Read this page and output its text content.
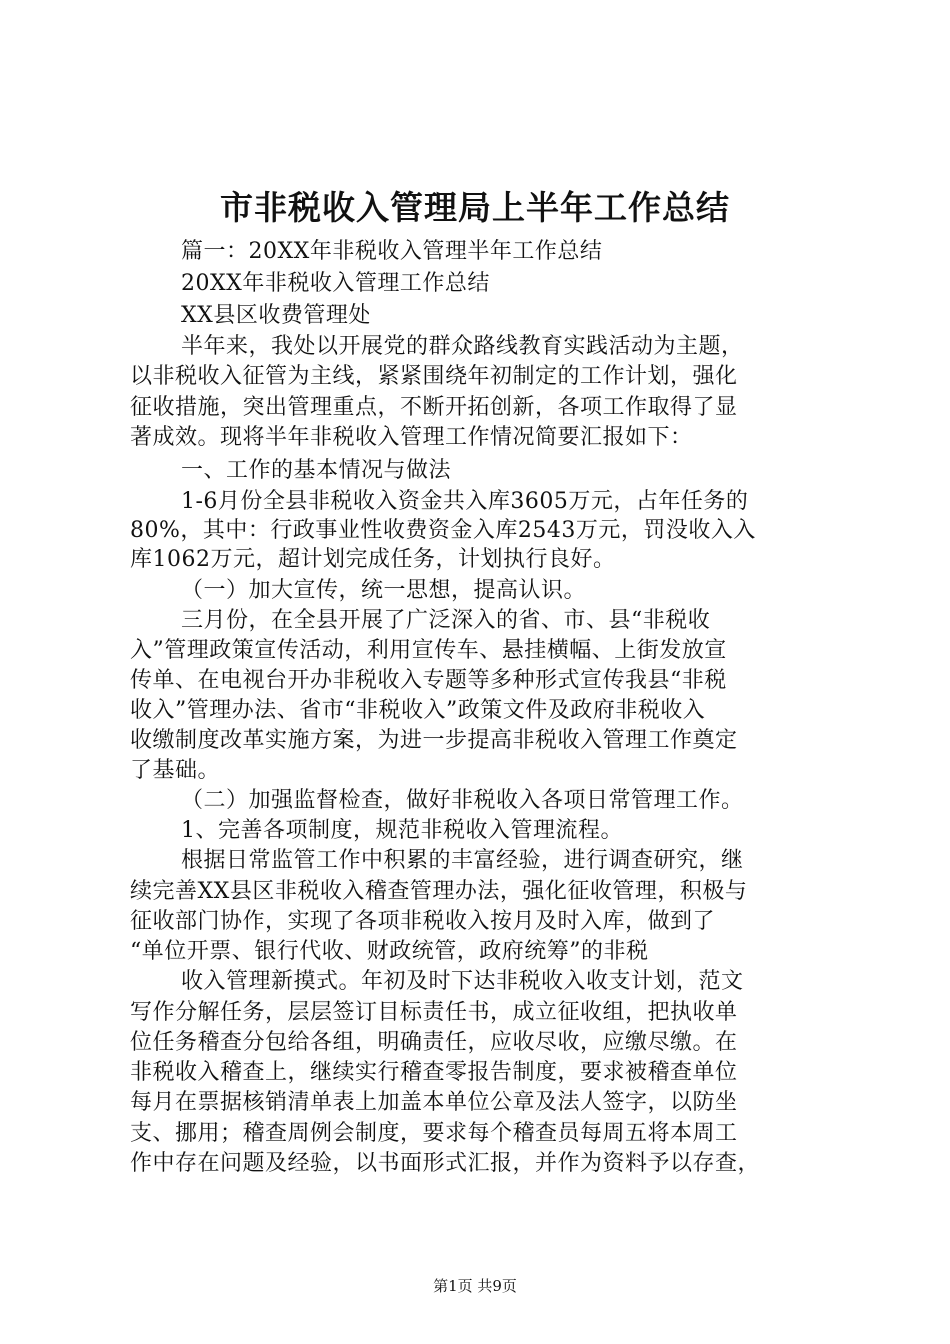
市非税收入管理局上半年工作总结
篇一：20XX年非税收入管理半年工作总结
20XX年非税收入管理工作总结
XX县区收费管理处
半年来，我处以开展党的群众路线教育实践活动为主题，
以非税收入征管为主线，紧紧围绕年初制定的工作计划，强化
征收措施，突出管理重点，不断开拓创新，各项工作取得了显
著成效。现将半年非税收入管理工作情况简要汇报如下：
一、工作的基本情况与做法
1-6月份全县非税收入资金共入库3605万元，占年任务的
80%，其中：行政事业性收费资金入库2543万元，罚没收入入
库1062万元，超计划完成任务，计划执行良好。
（一）加大宣传，统一思想，提高认识。
三月份，在全县开展了广泛深入的省、市、县“非税收
入”管理政策宣传活动，利用宣传车、悬挂横幅、上街发放宣
传单、在电视台开办非税收入专题等多种形式宣传我县“非税
收入”管理办法、省市“非税收入”政策文件及政府非税收入
收缴制度改革实施方案，为进一步提高非税收入管理工作奠定
了基础。
（二）加强监督检查，做好非税收入各项日常管理工作。
1、完善各项制度，规范非税收入管理流程。
根据日常监管工作中积累的丰富经验，进行调查研究，继
续完善XX县区非税收入稽查管理办法，强化征收管理，积极与
征收部门协作，实现了各项非税收入按月及时入库，做到了
“单位开票、银行代收、财政统管，政府统筹”的非税
收入管理新摸式。年初及时下达非税收入收支计划，范文
写作分解任务，层层签订目标责任书，成立征收组，把执收单
位任务稽查分包给各组，明确责任，应收尽收，应缴尽缴。在
非税收入稽查上，继续实行稽查零报告制度，要求被稽查单位
每月在票据核销清单表上加盖本单位公章及法人签字，以防坐
支、挪用；稽查周例会制度，要求每个稽查员每周五将本周工
作中存在问题及经验，以书面形式汇报，并作为资料予以存查，
第1页 共9页
